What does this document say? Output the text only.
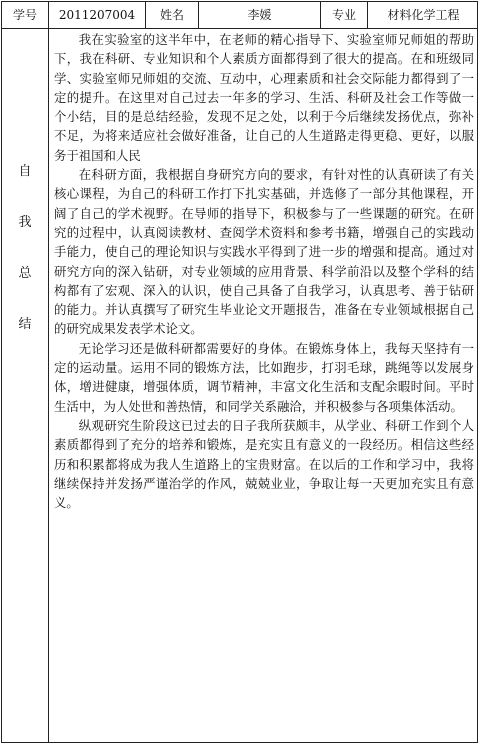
学号	2011207004	姓名	李媛	专业	材料化学工程
自
我
总
结

我在实验室的这半年中，在老师的精心指导下、实验室师兄师姐的帮助下，我在科研、专业知识和个人素质方面都得到了很大的提高。在和班级同学、实验室师兄师姐的交流、互动中，心理素质和社会交际能力都得到了一定的提升。在这里对自己过去一年多的学习、生活、科研及社会工作等做一个小结，目的是总结经验，发现不足之处，以利于今后继续发扬优点，弥补不足，为将来适应社会做好准备，让自己的人生道路走得更稳、更好，以服务于祖国和人民

在科研方面，我根据自身研究方向的要求，有针对性的认真研读了有关核心课程，为自己的科研工作打下扎实基础，并选修了一部分其他课程，开阔了自己的学术视野。在导师的指导下，积极参与了一些课题的研究。在研究的过程中，认真阅读教材、查阅学术资料和参考书籍，增强自己的实践动手能力，使自己的理论知识与实践水平得到了进一步的增强和提高。通过对研究方向的深入钻研，对专业领域的应用背景、科学前沿以及整个学科的结构都有了宏观、深入的认识，使自己具备了自我学习，认真思考、善于钻研的能力。并认真撰写了研究生毕业论文开题报告，准备在专业领域根据自己的研究成果发表学术论文。

无论学习还是做科研都需要好的身体。在锻炼身体上，我每天坚持有一定的运动量。运用不同的锻炼方法，比如跑步，打羽毛球，跳绳等以发展身体，增进健康，增强体质，调节精神，丰富文化生活和支配余暇时间。平时生活中，为人处世和善热情，和同学关系融洽，并积极参与各项集体活动。

纵观研究生阶段这已过去的日子我所获颇丰，从学业、科研工作到个人素质都得到了充分的培养和锻炼，是充实且有意义的一段经历。相信这些经历和积累都将成为我人生道路上的宝贵财富。在以后的工作和学习中，我将继续保持并发扬严谨治学的作风，兢兢业业，争取让每一天更加充实且有意义。
